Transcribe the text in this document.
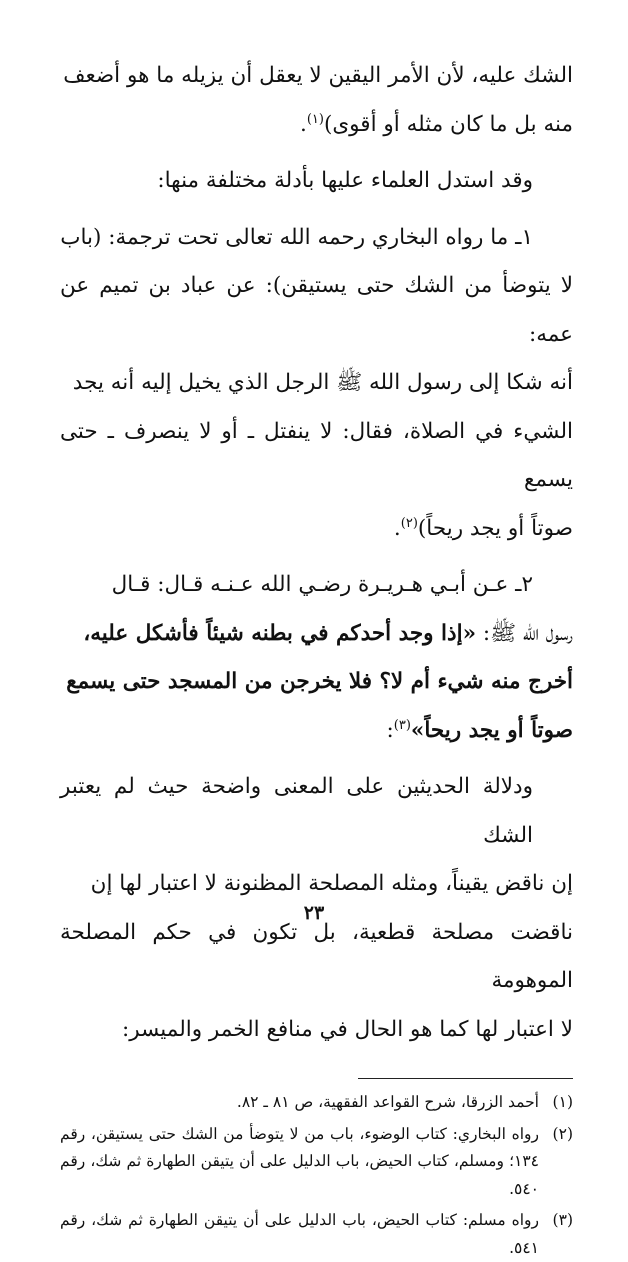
الشك عليه، لأن الأمر اليقين لا يعقل أن يزيله ما هو أضعف

منه بل ما كان مثله أو أقوى)$^{(١)}$.

وقد استدل العلماء عليها بأدلة مختلفة منها:

١ـ ما رواه البخاري رحمه الله تعالى تحت ترجمة: (باب

لا يتوضأ من الشك حتى يستيقن): عن عباد بن تميم عن عمه:

أنه شكا إلى رسول الله ﷺ الرجل الذي يخيل إليه أنه يجد

الشيء في الصلاة، فقال: لا ينفتل ـ أو لا ينصرف ـ حتى يسمع

صوتاً أو يجد ريحاً)$^{(٢)}$.

٢ـ عـن أبـي هـريـرة رضـي الله عـنـه قـال: قـال

رسول الله ﷺ: «إذا وجد أحدكم في بطنه شيئاً فأشكل عليه،

أخرج منه شيء أم لا؟ فلا يخرجن من المسجد حتى يسمع

صوتاً أو يجد ريحاً»$^{(٣)}$:

ودلالة الحديثين على المعنى واضحة حيث لم يعتبر الشك

إن ناقض يقيناً، ومثله المصلحة المظنونة لا اعتبار لها إن

ناقضت مصلحة قطعية، بل تكون في حكم المصلحة الموهومة

لا اعتبار لها كما هو الحال في منافع الخمر والميسر:

(١)
أحمد الزرقا، شرح القواعد الفقهية، ص ٨١ ـ ٨٢.
(٢)
رواه البخاري: كتاب الوضوء، باب من لا يتوضأ من الشك حتى يستيقن، رقم ١٣٤؛ ومسلم، كتاب الحيض، باب الدليل على أن يتيقن الطهارة ثم شك، رقم ٥٤٠.
(٣)
رواه مسلم: كتاب الحيض، باب الدليل على أن يتيقن الطهارة ثم شك، رقم ٥٤١.
٢٣
